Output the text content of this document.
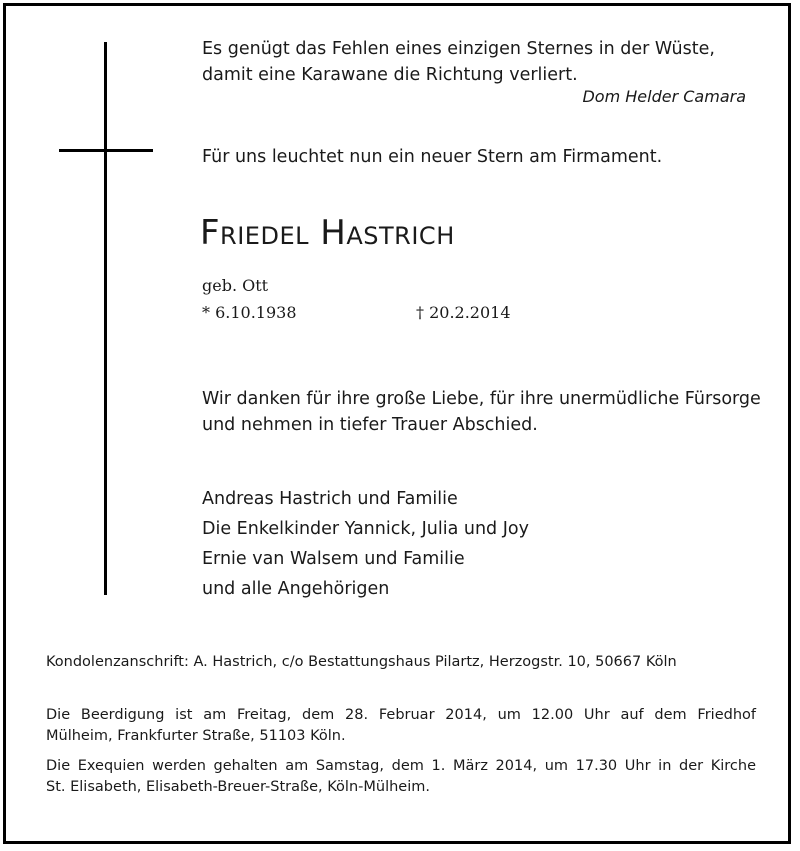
Es genügt das Fehlen eines einzigen Sternes in der Wüste,
damit eine Karawane die Richtung verliert.
Dom Helder Camara
Für uns leuchtet nun ein neuer Stern am Firmament.
Friedel Hastrich
geb. Ott
* 6.10.1938	† 20.2.2014
Wir danken für ihre große Liebe, für ihre unermüdliche Fürsorge
und nehmen in tiefer Trauer Abschied.
Andreas Hastrich und Familie
Die Enkelkinder Yannick, Julia und Joy
Ernie van Walsem und Familie
und alle Angehörigen
Kondolenzanschrift: A. Hastrich, c/o Bestattungshaus Pilartz, Herzogstr. 10, 50667 Köln
Die Beerdigung ist am Freitag, dem 28. Februar 2014, um 12.00 Uhr auf dem Friedhof
Mülheim, Frankfurter Straße, 51103 Köln.
Die Exequien werden gehalten am Samstag, dem 1. März 2014, um 17.30 Uhr in der Kirche
St. Elisabeth, Elisabeth-Breuer-Straße, Köln-Mülheim.
